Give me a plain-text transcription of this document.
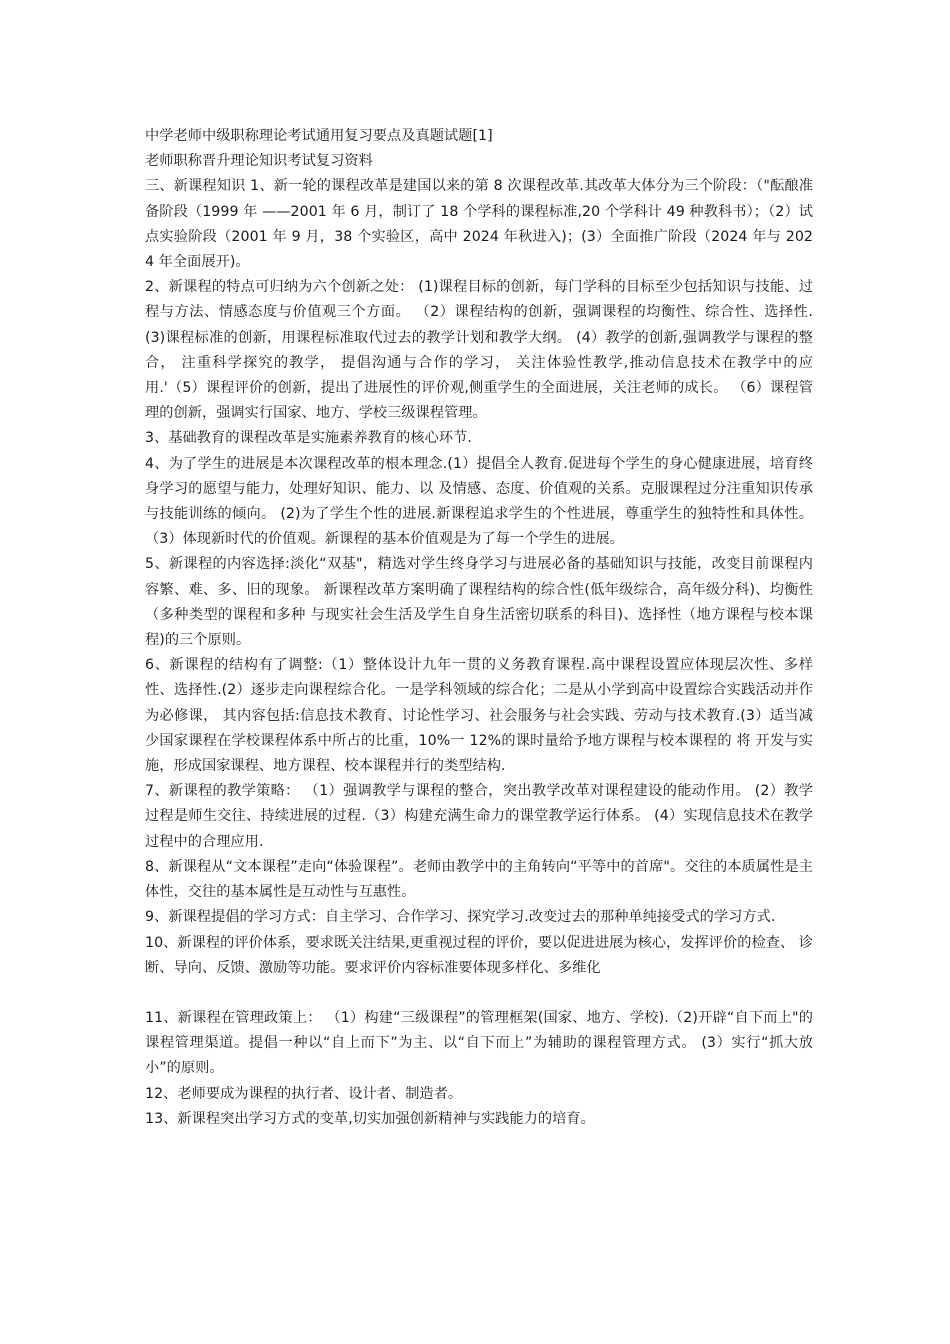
中学老师中级职称理论考试通用复习要点及真题试题[1]

老师职称晋升理论知识考试复习资料

三、新课程知识 1、新一轮的课程改革是建国以来的第 8 次课程改革.其改革大体分为三个阶段：（"酝酿准备阶段（1999 年 ——2001 年 6 月，制订了 18 个学科的课程标准,20 个学科计 49 种教科书）；（2）试点实验阶段（2001 年 9 月，38 个实验区，高中 2024 年秋进入)；(3）全面推广阶段（2024 年与 2024 年全面展开)。

2、新课程的特点可归纳为六个创新之处： (1)课程目标的创新，每门学科的目标至少包括知识与技能、过程与方法、情感态度与价值观三个方面。 （2）课程结构的创新，强调课程的均衡性、综合性、选择性. (3)课程标准的创新，用课程标准取代过去的教学计划和教学大纲。 (4）教学的创新,强调教学与课程的整合， 注重科学探究的教学， 提倡沟通与合作的学习， 关注体验性教学,推动信息技术在教学中的应用.'（5）课程评价的创新，提出了进展性的评价观,侧重学生的全面进展，关注老师的成长。 （6）课程管理的创新，强调实行国家、地方、学校三级课程管理。

3、基础教育的课程改革是实施素养教育的核心环节.

4、为了学生的进展是本次课程改革的根本理念.(1）提倡全人教育.促进每个学生的身心健康进展，培育终身学习的愿望与能力，处理好知识、能力、以 及情感、态度、价值观的关系。克服课程过分注重知识传承与技能训练的倾向。 (2)为了学生个性的进展.新课程追求学生的个性进展，尊重学生的独特性和具体性。 （3）体现新时代的价值观。新课程的基本价值观是为了每一个学生的进展。

5、新课程的内容选择:淡化“双基"，精选对学生终身学习与进展必备的基础知识与技能，改变目前课程内 容繁、难、多、旧的现象。 新课程改革方案明确了课程结构的综合性(低年级综合，高年级分科)、均衡性（多种类型的课程和多种 与现实社会生活及学生自身生活密切联系的科目)、选择性（地方课程与校本课程)的三个原则。

6、新课程的结构有了调整:（1）整体设计九年一贯的义务教育课程.高中课程设置应体现层次性、多样性、选择性.(2）逐步走向课程综合化。一是学科领域的综合化；二是从小学到高中设置综合实践活动并作为必修课， 其内容包括:信息技术教育、讨论性学习、社会服务与社会实践、劳动与技术教育.(3）适当减少国家课程在学校课程体系中所占的比重，10%一 12%的课时量给予地方课程与校本课程的 将 开发与实施，形成国家课程、地方课程、校本课程并行的类型结构.

7、新课程的教学策略： （1）强调教学与课程的整合，突出教学改革对课程建设的能动作用。 (2）教学过程是师生交往、持续进展的过程.（3）构建充满生命力的课堂教学运行体系。 (4）实现信息技术在教学过程中的合理应用.

8、新课程从“文本课程”走向“体验课程”。老师由教学中的主角转向“平等中的首席"。交往的本质属性是主 体性，交往的基本属性是互动性与互惠性。

9、新课程提倡的学习方式：自主学习、合作学习、探究学习.改变过去的那种单纯接受式的学习方式.

10、新课程的评价体系，要求既关注结果,更重视过程的评价，要以促进进展为核心，发挥评价的检查、 诊断、导向、反馈、激励等功能。要求评价内容标准要体现多样化、多维化

11、新课程在管理政策上： （1）构建“三级课程”的管理框架(国家、地方、学校).（2)开辟“自下而上"的课程管理渠道。提倡一种以“自上而下”为主、以“自下而上”为辅助的课程管理方式。 (3）实行“抓大放小”的原则。

12、老师要成为课程的执行者、设计者、制造者。

13、新课程突出学习方式的变革,切实加强创新精神与实践能力的培育。
